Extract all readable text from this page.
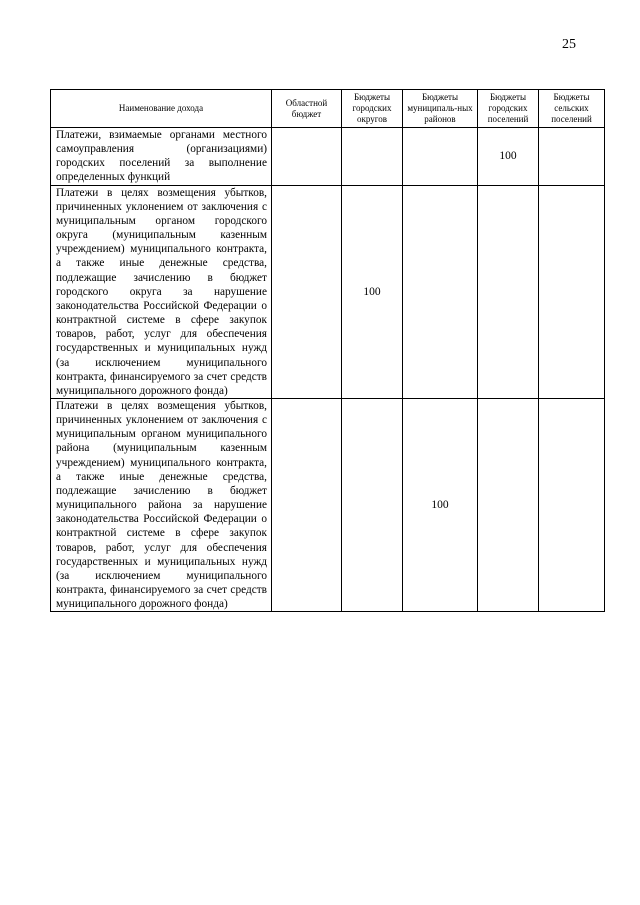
25
Наименование дохода	Областной бюджет	Бюджеты городских округов	Бюджеты муниципаль-ных районов	Бюджеты городских поселений	Бюджеты сельских поселений
Платежи, взимаемые органами местного самоуправления (организациями) городских поселений за выполнение определенных функций				100	
Платежи в целях возмещения убытков, причиненных уклонением от заключения с муниципальным органом городского округа (муниципальным казенным учреждением) муниципального контракта, а также иные денежные средства, подлежащие зачислению в бюджет городского округа за нарушение законодательства Российской Федерации о контрактной системе в сфере закупок товаров, работ, услуг для обеспечения государственных и муниципальных нужд (за исключением муниципального контракта, финансируемого за счет средств муниципального дорожного фонда)		100			
Платежи в целях возмещения убытков, причиненных уклонением от заключения с муниципальным органом муниципального района (муниципальным казенным учреждением) муниципального контракта, а также иные денежные средства, подлежащие зачислению в бюджет муниципального района за нарушение законодательства Российской Федерации о контрактной системе в сфере закупок товаров, работ, услуг для обеспечения государственных и муниципальных нужд (за исключением муниципального контракта, финансируемого за счет средств муниципального дорожного фонда)			100		
